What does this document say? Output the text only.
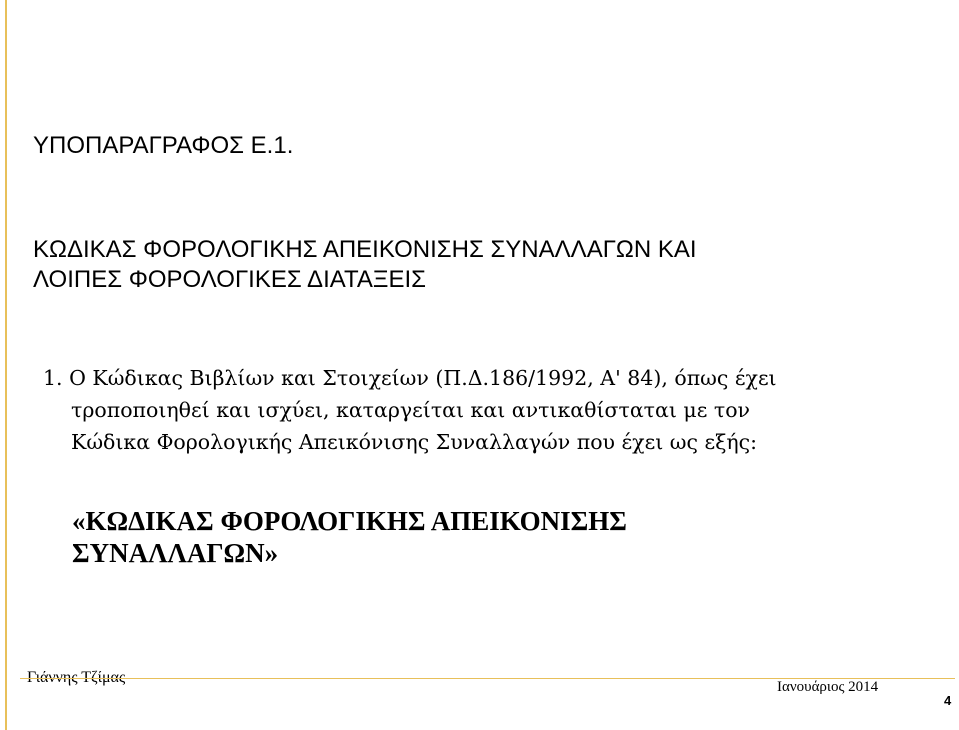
ΥΠΟΠΑΡΑΓΡΑΦΟΣ Ε.1.
ΚΩΔΙΚΑΣ ΦΟΡΟΛΟΓΙΚΗΣ ΑΠΕΙΚΟΝΙΣΗΣ ΣΥΝΑΛΛΑΓΩΝ ΚΑΙ
ΛΟΙΠΕΣ ΦΟΡΟΛΟΓΙΚΕΣ ΔΙΑΤΑΞΕΙΣ
1. Ο Κώδικας Βιβλίων και Στοιχείων (Π.Δ.186/1992, Α' 84), όπως έχει
τροποποιηθεί και ισχύει, καταργείται και αντικαθίσταται με τον
Κώδικα Φορολογικής Απεικόνισης Συναλλαγών που έχει ως εξής:
«ΚΩΔΙΚΑΣ ΦΟΡΟΛΟΓΙΚΗΣ ΑΠΕΙΚΟΝΙΣΗΣ
ΣΥΝΑΛΛΑΓΩΝ»
Γιάννης Τζίμας
Ιανουάριος 2014
4
